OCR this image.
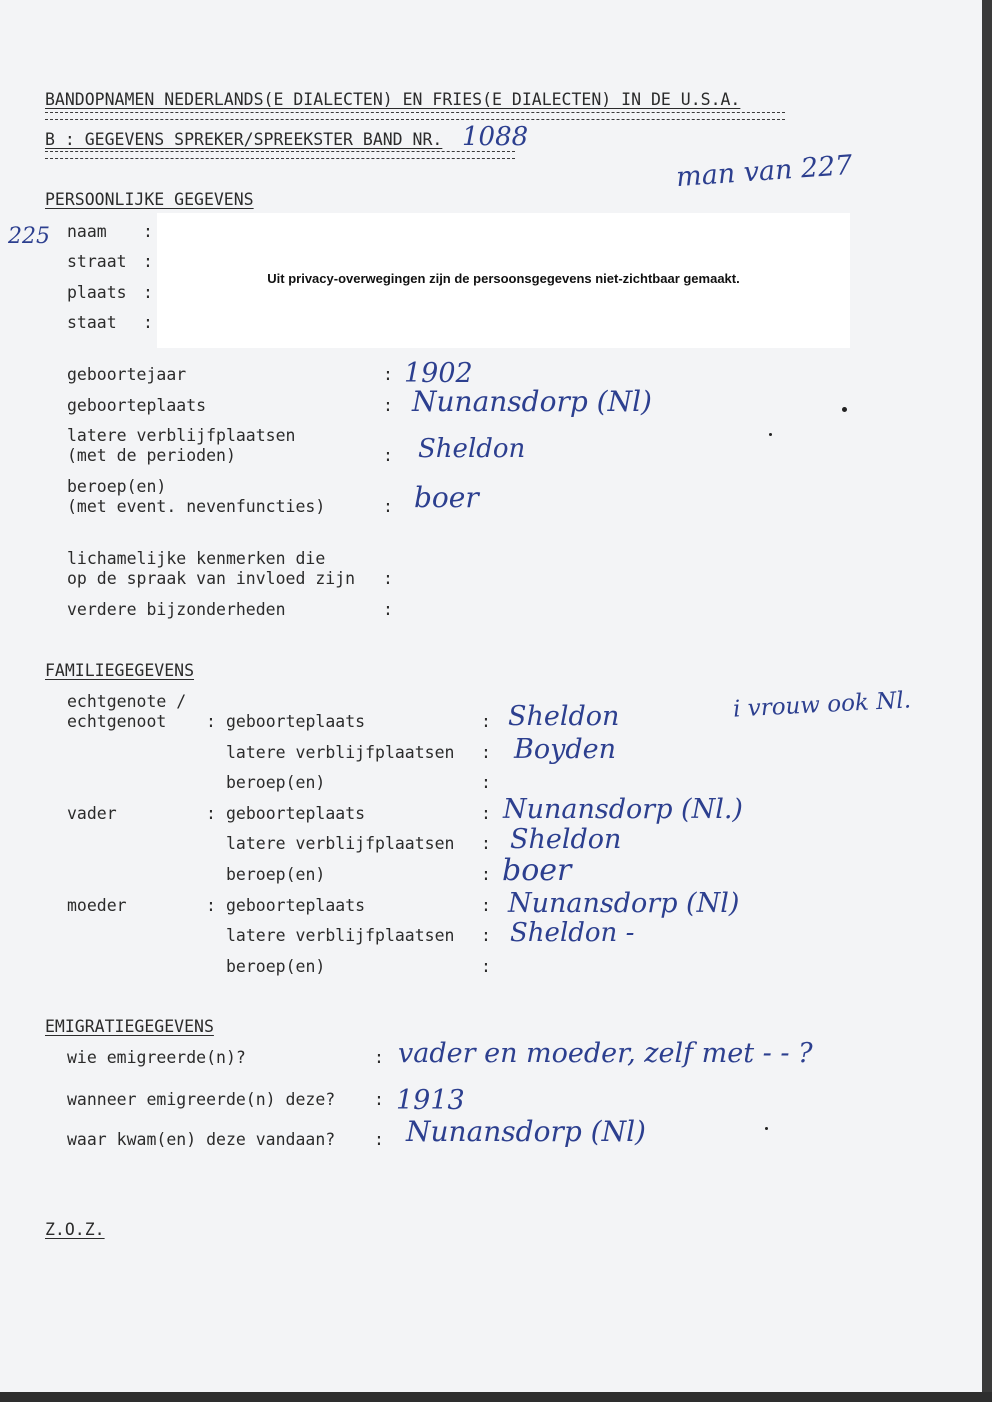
BANDOPNAMEN NEDERLANDS(E DIALECTEN) EN FRIES(E DIALECTEN) IN DE U.S.A.
B : GEGEVENS SPREKER/SPREEKSTER BAND NR. 1088
man van 227
PERSOONLIJKE GEGEVENS
225 naam :
straat :
plaats :
staat :
Uit privacy-overwegingen zijn de persoonsgegevens niet-zichtbaar gemaakt.
geboortejaar	: 1902
geboorteplaats	: Nunansdorp (Nl)
latere verblijfplaatsen
(met de perioden)	: Sheldon
beroep(en)
(met event. nevenfuncties)	: boer
lichamelijke kenmerken die
op de spraak van invloed zijn :
verdere bijzonderheden	:
FAMILIEGEGEVENS
echtgenote /
echtgenoot : geboorteplaats	: Sheldon	i vrouw ook Nl.
latere verblijfplaatsen : Boyden
beroep(en)	:
vader	: geboorteplaats	: Nunansdorp (Nl.)
latere verblijfplaatsen : Sheldon
beroep(en)	: boer
moeder	: geboorteplaats	: Nunansdorp (Nl)
latere verblijfplaatsen : Sheldon -
beroep(en)	:
EMIGRATIEGEGEVENS
wie emigreerde(n)?	: vader en moeder, zelf met - - ?
wanneer emigreerde(n) deze? : 1913
waar kwam(en) deze vandaan? : Nunansdorp (Nl)
Z.O.Z.
